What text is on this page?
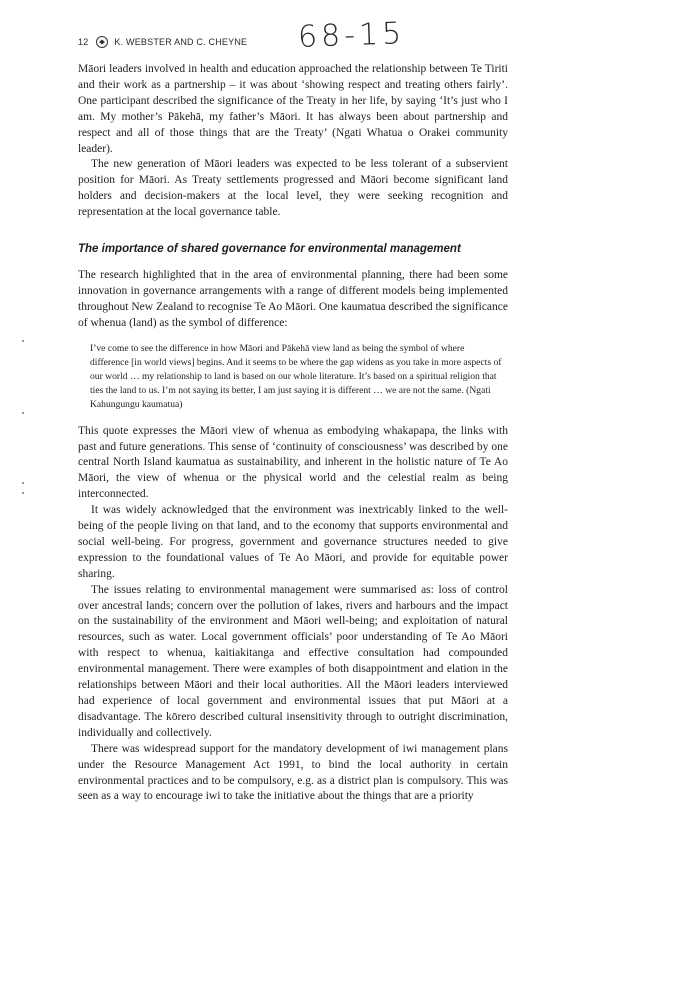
12	K. WEBSTER AND C. CHEYNE 68-15

Māori leaders involved in health and education approached the relationship between Te Tiriti and their work as a partnership – it was about ‘showing respect and treating others fairly’. One participant described the significance of the Treaty in her life, by saying ‘It’s just who I am. My mother’s Pākehā, my father’s Māori. It has always been about partnership and respect and all of those things that are the Treaty’ (Ngati Whatua o Orakei community leader).

The new generation of Māori leaders was expected to be less tolerant of a subservient position for Māori. As Treaty settlements progressed and Māori become significant land holders and decision-makers at the local level, they were seeking recognition and representation at the local governance table.

The importance of shared governance for environmental management

The research highlighted that in the area of environmental planning, there had been some innovation in governance arrangements with a range of different models being implemented throughout New Zealand to recognise Te Ao Māori. One kaumatua described the significance of whenua (land) as the symbol of difference:

I’ve come to see the difference in how Māori and Pākehā view land as being the symbol of where difference [in world views] begins. And it seems to be where the gap widens as you take in more aspects of our world … my relationship to land is based on our whole literature. It’s based on a spiritual religion that ties the land to us. I’m not saying its better, I am just saying it is different … we are not the same. (Ngati Kahungungu kaumatua)

This quote expresses the Māori view of whenua as embodying whakapapa, the links with past and future generations. This sense of ‘continuity of consciousness’ was described by one central North Island kaumatua as sustainability, and inherent in the holistic nature of Te Ao Māori, the view of whenua or the physical world and the celestial realm as being interconnected.

It was widely acknowledged that the environment was inextricably linked to the well-being of the people living on that land, and to the economy that supports environmental and social well-being. For progress, government and governance structures needed to give expression to the foundational values of Te Ao Māori, and provide for equitable power sharing.

The issues relating to environmental management were summarised as: loss of control over ancestral lands; concern over the pollution of lakes, rivers and harbours and the impact on the sustainability of the environment and Māori well-being; and exploitation of natural resources, such as water. Local government officials’ poor understanding of Te Ao Māori with respect to whenua, kaitiakitanga and effective consultation had compounded environmental management. There were examples of both disappointment and elation in the relationships between Māori and their local authorities. All the Māori leaders interviewed had experience of local government and environmental issues that put Māori at a disadvantage. The kōrero described cultural insensitivity through to outright discrimination, individually and collectively.

There was widespread support for the mandatory development of iwi management plans under the Resource Management Act 1991, to bind the local authority in certain environmental practices and to be compulsory, e.g. as a district plan is compulsory. This was seen as a way to encourage iwi to take the initiative about the things that are a priority
